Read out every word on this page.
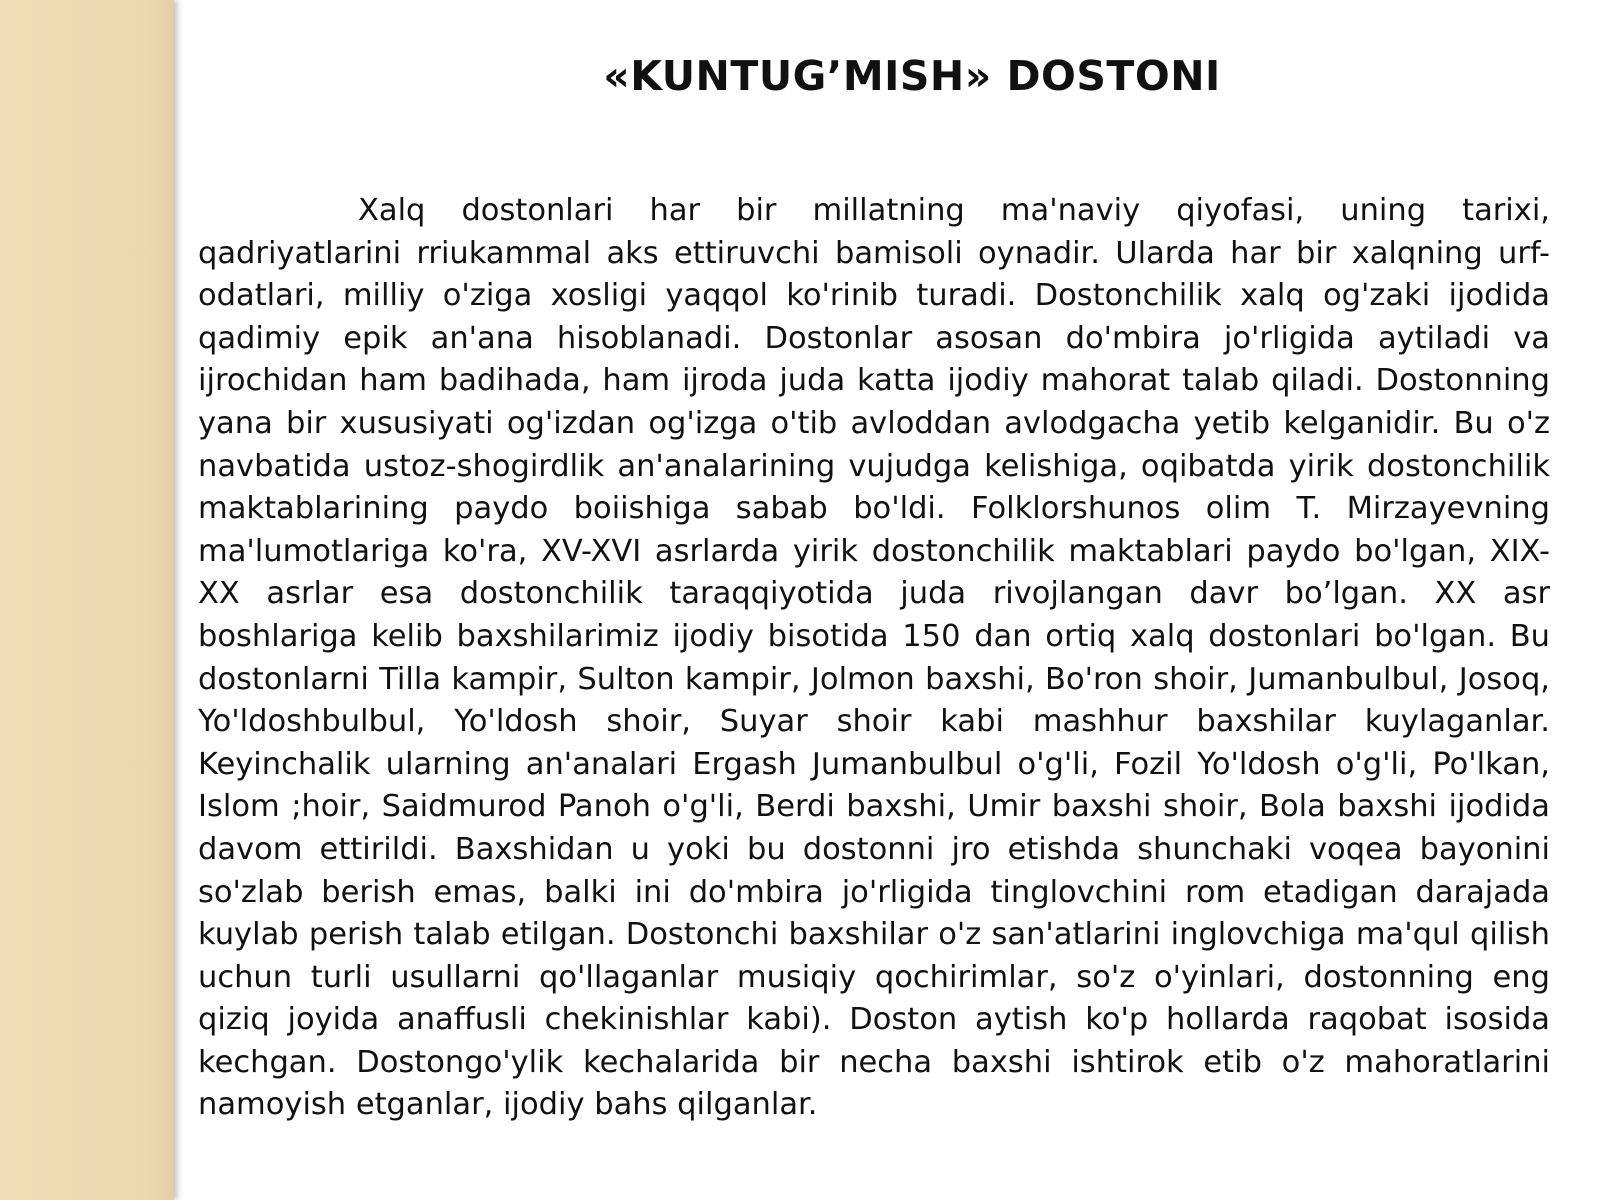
«KUNTUG’MISH» DOSTONI

Xalq dostonlari har bir millatning ma'naviy qiyofasi, uning tarixi, qadriyatlarini rriukammal aks ettiruvchi bamisoli oynadir. Ularda har bir xalqning urf-odatlari, milliy o'ziga xosligi yaqqol ko'rinib turadi. Dostonchilik xalq og'zaki ijodida qadimiy epik an'ana hisoblanadi. Dostonlar asosan do'mbira jo'rligida aytiladi va ijrochidan ham badihada, ham ijroda juda katta ijodiy mahorat talab qiladi. Dostonning yana bir xususiyati og'izdan og'izga o'tib avloddan avlodgacha yetib kelganidir. Bu o'z navbatida ustoz-shogirdlik an'analarining vujudga kelishiga, oqibatda yirik dostonchilik maktablarining paydo boiishiga sabab bo'ldi. Folklorshunos olim T. Mirzayevning ma'lumotlariga ko'ra, XV-XVI asrlarda yirik dostonchilik maktablari paydo bo'lgan, XIX-XX asrlar esa dostonchilik taraqqiyotida juda rivojlangan davr bo’lgan. XX asr boshlariga kelib baxshilarimiz ijodiy bisotida 150 dan ortiq xalq dostonlari bo'lgan. Bu dostonlarni Tilla kampir, Sulton kampir, Jolmon baxshi, Bo'ron shoir, Jumanbulbul, Josoq, Yo'ldoshbulbul, Yo'ldosh shoir, Suyar shoir kabi mashhur baxshilar kuylaganlar. Keyinchalik ularning an'analari Ergash Jumanbulbul o'g'li, Fozil Yo'ldosh o'g'li, Po'lkan, Islom ;hoir, Saidmurod Panoh o'g'li, Berdi baxshi, Umir baxshi shoir, Bola baxshi ijodida davom ettirildi. Baxshidan u yoki bu dostonni jro etishda shunchaki voqea bayonini so'zlab berish emas, balki ini do'mbira jo'rligida tinglovchini rom etadigan darajada kuylab perish talab etilgan. Dostonchi baxshilar o'z san'atlarini inglovchiga ma'qul qilish uchun turli usullarni qo'llaganlar musiqiy qochirimlar, so'z o'yinlari, dostonning eng qiziq joyida anaffusli chekinishlar kabi). Doston aytish ko'p hollarda raqobat isosida kechgan. Dostongo'ylik kechalarida bir necha baxshi ishtirok etib o'z mahoratlarini namoyish etganlar, ijodiy bahs qilganlar.
